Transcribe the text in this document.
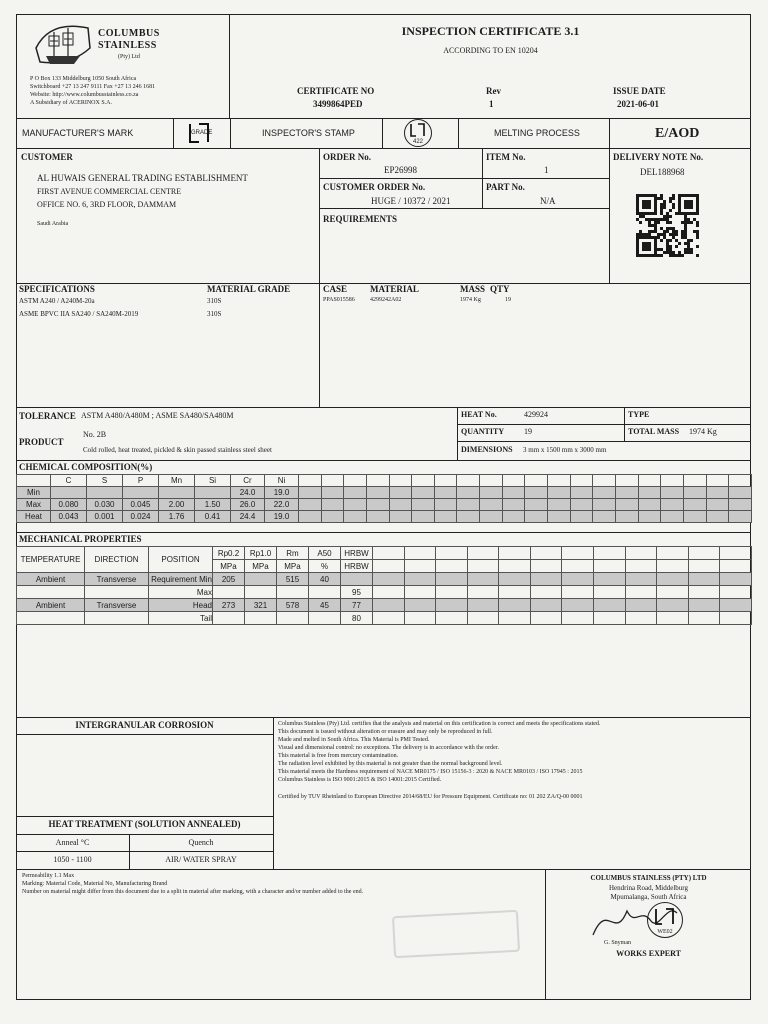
COLUMBUS
STAINLESS
(Pty) Ltd
P O Box 133 Middelburg 1050 South Africa
Switchboard +27 13 247 9111 Fax +27 13 246 1681
Website: http://www.columbusstainless.co.za
A Subsidiary of ACERINOX S.A.
INSPECTION CERTIFICATE 3.1
ACCORDING TO EN 10204
CERTIFICATE NO
3499864PED
Rev
1
ISSUE DATE
2021-06-01
MANUFACTURER'S MARK	GRADE	INSPECTOR'S STAMP
422
MELTING PROCESS	E/AOD
CUSTOMER
AL HUWAIS GENERAL TRADING ESTABLISHMENT
FIRST AVENUE COMMERCIAL CENTRE
OFFICE NO. 6, 3RD FLOOR, DAMMAM
Saudi Arabia
ORDER No.
EP26998
ITEM No.
1
DELIVERY NOTE No.
DEL188968
CUSTOMER ORDER No.
HUGE / 10372 / 2021
PART No.
N/A
REQUIREMENTS
SPECIFICATIONS	MATERIAL GRADE
ASTM A240 / A240M-20a	310S
ASME BPVC IIA SA240 / SA240M-2019	310S
CASE	MATERIAL	MASS QTY
PPAS015586	4299242A02	1974 Kg	19
TOLERANCE ASTM A480/A480M ; ASME SA480/SA480M
No. 2B
PRODUCT
Cold rolled, heat treated, pickled & skin passed stainless steel sheet
HEAT No.	429924	TYPE
QUANTITY 19	TOTAL MASS 1974 Kg
DIMENSIONS 3 mm x 1500 mm x 3000 mm
CHEMICAL COMPOSITION(%)
	C	S	P	Mn	Si	Cr	Ni																				
Min						24.0	19.0																				
Max	0.080	0.030	0.045	2.00	1.50	26.0	22.0																				
Heat	0.043	0.001	0.024	1.76	0.41	24.4	19.0																				
MECHANICAL PROPERTIES
TEMPERATURE	DIRECTION	POSITION	Rp0.2	Rp1.0	Rm	A50	HRBW												
			MPa	MPa	MPa	%	HRBW												
Ambient	Transverse	Requirement Min	205		515	40													
		Max					95												
Ambient	Transverse	Head	273	321	578	45	77												
		Tail					80												
INTERGRANULAR CORROSION	Columbus Stainless (Pty) Ltd. certifies that the analysis and material on this certification is correct and meets the specifications stated.
This document is issued without alteration or erasure and may only be reproduced in full.
Made and melted in South Africa. This Material is PMI Tested.
Visual and dimensional control: no exceptions. The delivery is in accordance with the order.
This material is free from mercury contamination.
The radiation level exhibited by this material is not greater than the normal background level.
This material meets the Hardness requirement of NACE MR0175 / ISO 15156-3 : 2020 & NACE MR0103 / ISO 17945 : 2015
Columbus Stainless is ISO 9001:2015 & ISO 14001:2015 Certified.
Certified by TUV Rheinland to European Directive 2014/68/EU for Pressure Equipment. Certificate no: 01 202 ZA/Q-00 0001
HEAT TREATMENT (SOLUTION ANNEALED)
Anneal °C	Quench
1050 - 1100	AIR/ WATER SPRAY
Permeability 1.1 Max
Marking: Material Code, Material No, Manufacturing Brand
Number on material might differ from this document due to a split in material after marking, with a character and/or number added to the end.
COLUMBUS STAINLESS (PTY) LTD
Hendrina Road, Middelburg
Mpumalanga, South Africa
WE02
G. Snyman
WORKS EXPERT
